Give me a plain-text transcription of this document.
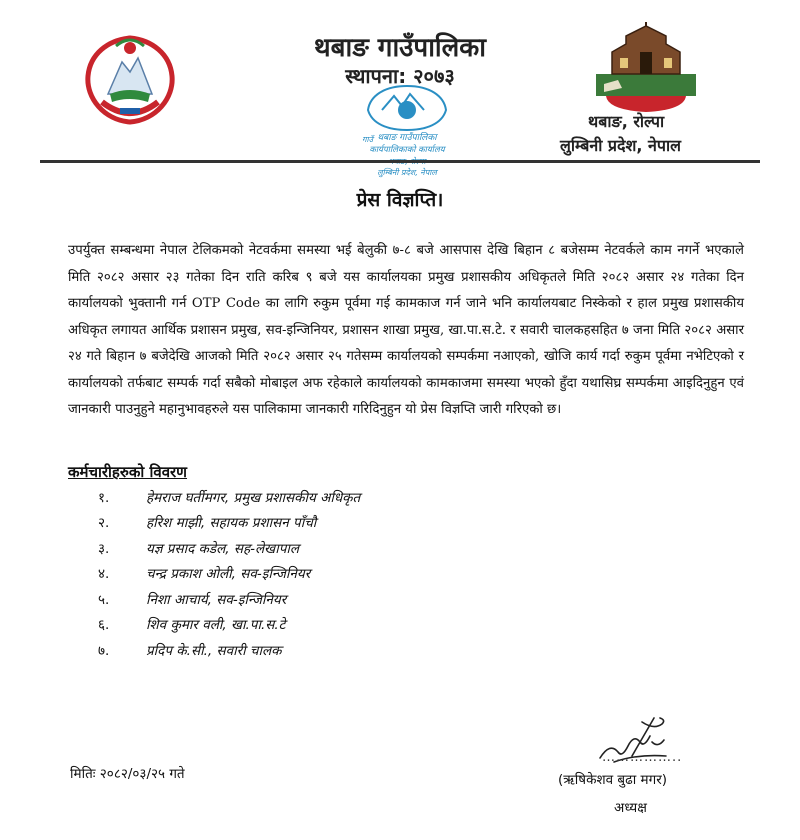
थबाङ गाउँपालिका
कार्यपालिकाको कार्यालय
लुम्बिनी प्रदेश, नेपाल
गाउँ
थबाङ गाउँपालिका
स्थापना: २०७३
थबाङ, रोल्पा
लुम्बिनी प्रदेश, नेपाल
प्रेस विज्ञप्ति।

उपर्युक्त सम्बन्धमा नेपाल टेलिकमको नेटवर्कमा समस्या भई बेलुकी ७-८ बजे आसपास देखि बिहान ८ बजेसम्म नेटवर्कले काम नगर्ने भएकाले मिति २०८२ असार २३ गतेका दिन राति करिब ९ बजे यस कार्यालयका प्रमुख प्रशासकीय अधिकृतले मिति २०८२ असार २४ गतेका दिन कार्यालयको भुक्तानी गर्न OTP Code का लागि रुकुम पूर्वमा गई कामकाज गर्न जाने भनि कार्यालयबाट निस्केको र हाल प्रमुख प्रशासकीय अधिकृत लगायत आर्थिक प्रशासन प्रमुख, सव-इन्जिनियर, प्रशासन शाखा प्रमुख, खा.पा.स.टे. र सवारी चालकहसहित ७ जना मिति २०८२ असार २४ गते बिहान ७ बजेदेखि आजको मिति २०८२ असार २५ गतेसम्म कार्यालयको सम्पर्कमा नआएको, खोजि कार्य गर्दा रुकुम पूर्वमा नभेटिएको र कार्यालयको तर्फबाट सम्पर्क गर्दा सबैको मोबाइल अफ रहेकाले कार्यालयको कामकाजमा समस्या भएको हुँदा यथासिघ्र सम्पर्कमा आइदिनुहुन एवं जानकारी पाउनुहुने महानुभावहरुले यस पालिकामा जानकारी गरिदिनुहुन यो प्रेस विज्ञप्ति जारी गरिएको छ।

कर्मचारीहरुको विवरण
१.	हेमराज घर्तीमगर, प्रमुख प्रशासकीय अधिकृत
२.	हरिश माझी, सहायक प्रशासन पाँचौ
३.	यज्ञ प्रसाद कडेल, सह-लेखापाल
४.	चन्द्र प्रकाश ओली, सव-इन्जिनियर
५.	निशा आचार्य, सव-इन्जिनियर
६.	शिव कुमार वली, खा.पा.स.टे
७.	प्रदिप के.सी., सवारी चालक
मितिः २०८२/०३/२५ गते
……………..
(ऋषिकेशव बुढा मगर)
अध्यक्ष
